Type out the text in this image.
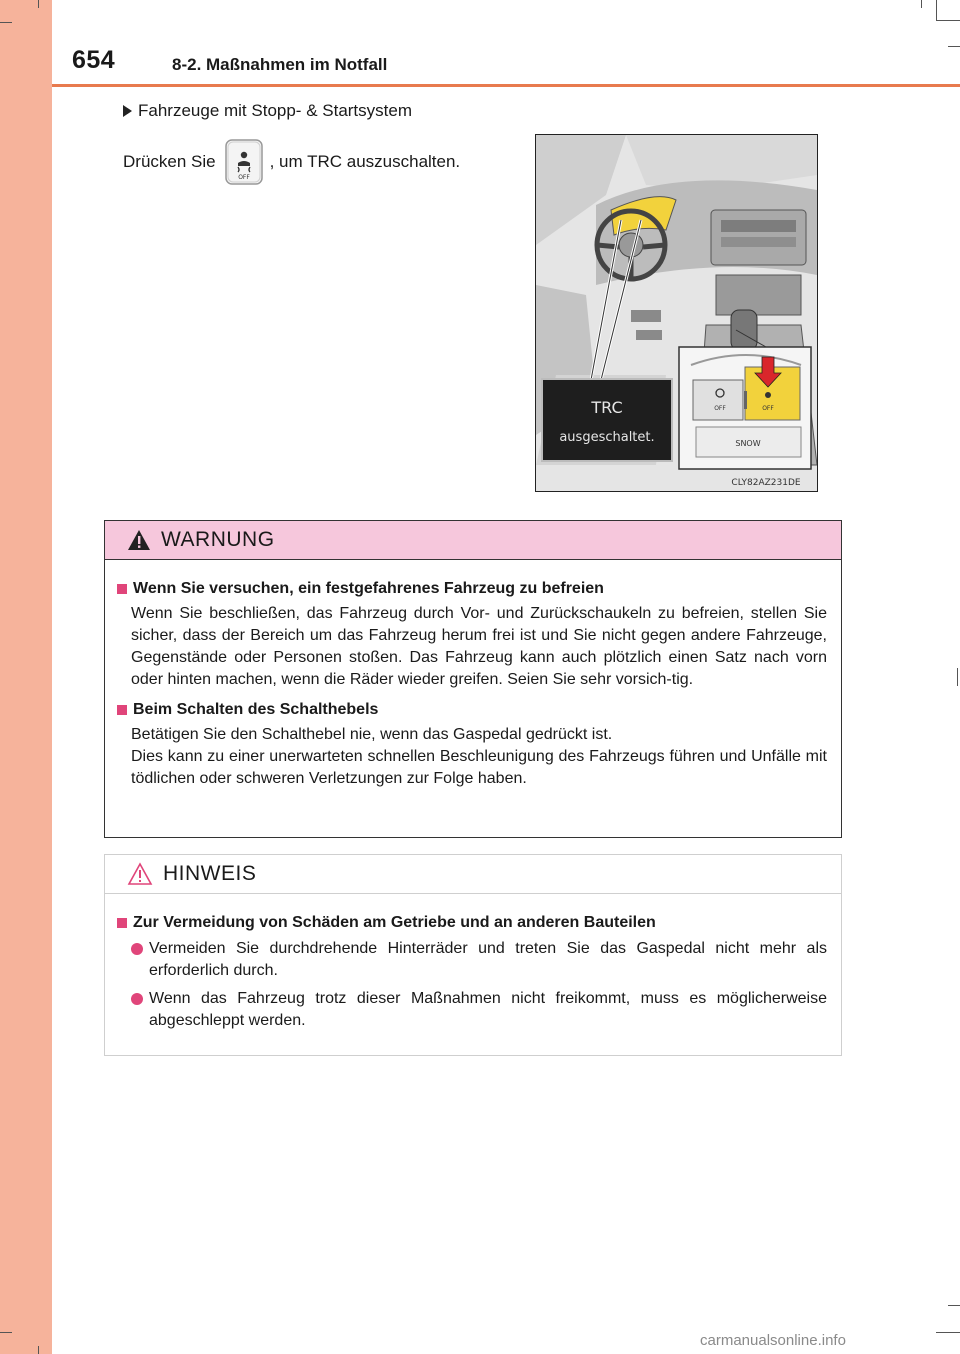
654	8-2. Maßnahmen im Notfall
Fahrzeuge mit Stopp- & Startsystem
Drücken Sie
OFF
, um TRC auszuschalten.
TRC
ausgeschaltet.
OFF	OFF
SNOW
CLY82AZ231DE
WARNUNG
Wenn Sie versuchen, ein festgefahrenes Fahrzeug zu befreien
Wenn Sie beschließen, das Fahrzeug durch Vor- und Zurückschaukeln zu befreien, stellen Sie sicher, dass der Bereich um das Fahrzeug herum frei ist und Sie nicht gegen andere Fahrzeuge, Gegenstände oder Personen stoßen. Das Fahrzeug kann auch plötzlich einen Satz nach vorn oder hinten machen, wenn die Räder wieder greifen. Seien Sie sehr vorsich-tig.
Beim Schalten des Schalthebels
Betätigen Sie den Schalthebel nie, wenn das Gaspedal gedrückt ist.
Dies kann zu einer unerwarteten schnellen Beschleunigung des Fahrzeugs führen und Unfälle mit tödlichen oder schweren Verletzungen zur Folge haben.
HINWEIS
Zur Vermeidung von Schäden am Getriebe und an anderen Bauteilen
Vermeiden Sie durchdrehende Hinterräder und treten Sie das Gaspedal nicht mehr als erforderlich durch.
Wenn das Fahrzeug trotz dieser Maßnahmen nicht freikommt, muss es möglicherweise abgeschleppt werden.
carmanualsonline.info
